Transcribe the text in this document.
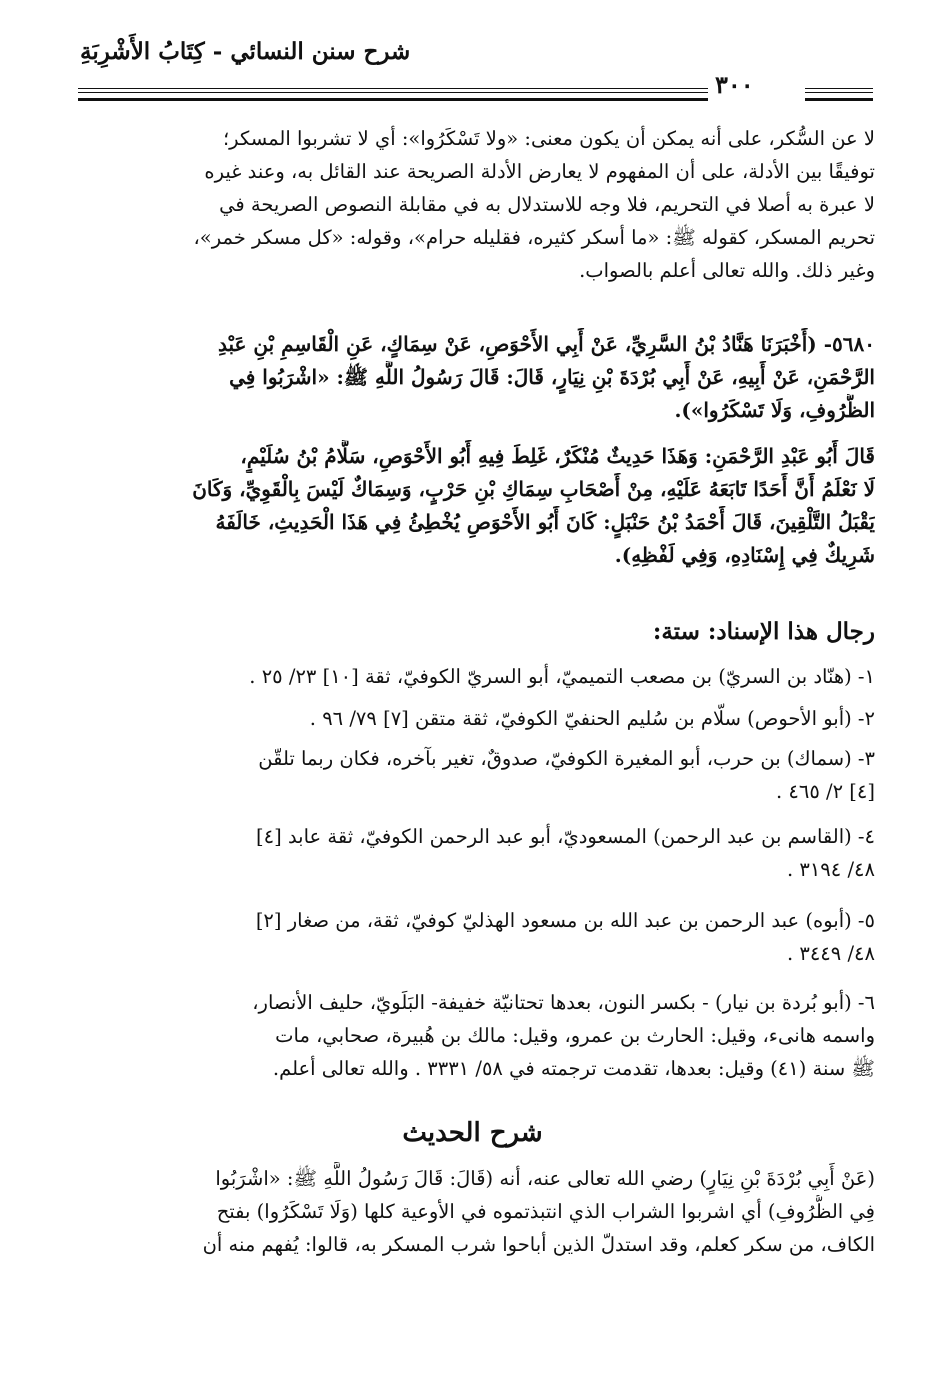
شرح سنن النسائي - كِتَابُ الأَشْرِبَةِ
٣٠٠
لا عن السُّكر، على أنه يمكن أن يكون معنى: «ولا تَسْكَرُوا»: أي لا تشربوا المسكر؛
توفيقًا بين الأدلة، على أن المفهوم لا يعارض الأدلة الصريحة عند القائل به، وعند غيره
لا عبرة به أصلا في التحريم، فلا وجه للاستدلال به في مقابلة النصوص الصريحة في
تحريم المسكر، كقوله ﷺ: «ما أسكر كثيره، فقليله حرام»، وقوله: «كل مسكر خمر»،
وغير ذلك. والله تعالى أعلم بالصواب.
٥٦٨٠- (أَخْبَرَنَا هَنَّادُ بْنُ السَّرِيِّ، عَنْ أَبِي الأَحْوَصِ، عَنْ سِمَاكٍ، عَنِ الْقَاسِمِ بْنِ عَبْدِ
الرَّحْمَنِ، عَنْ أَبِيهِ، عَنْ أَبِي بُرْدَةَ بْنِ نِيَارٍ، قَالَ: قَالَ رَسُولُ اللَّهِ ﷺ: «اشْرَبُوا فِي
الظُّرُوفِ، وَلَا تَسْكَرُوا»).
قَالَ أَبُو عَبْدِ الرَّحْمَنِ: وَهَذَا حَدِيثٌ مُنْكَرٌ، غَلِطَ فِيهِ أَبُو الأَحْوَصِ، سَلَّامُ بْنُ سُلَيْمٍ،
لَا نَعْلَمُ أَنَّ أَحَدًا تَابَعَهُ عَلَيْهِ، مِنْ أَصْحَابِ سِمَاكِ بْنِ حَرْبٍ، وَسِمَاكٌ لَيْسَ بِالْقَوِيِّ، وَكَانَ
يَقْبَلُ التَّلْقِينَ، قَالَ أَحْمَدُ بْنُ حَنْبَلٍ: كَانَ أَبُو الأَحْوَصِ يُخْطِئُ فِي هَذَا الْحَدِيثِ، خَالَفَهُ
شَرِيكٌ فِي إِسْنَادِهِ، وَفِي لَفْظِهِ).
رجال هذا الإسناد: ستة:
١- (هنّاد بن السريّ) بن مصعب التميميّ، أبو السريّ الكوفيّ، ثقة [١٠] ٢٣/ ٢٥ .
٢- (أبو الأحوص) سلّام بن سُليم الحنفيّ الكوفيّ، ثقة متقن [٧] ٧٩/ ٩٦ .
٣- (سماك) بن حرب، أبو المغيرة الكوفيّ، صدوقٌ، تغير بآخره، فكان ربما تلقّن
[٤] ٢/ ٤٦٥ .
٤- (القاسم بن عبد الرحمن) المسعوديّ، أبو عبد الرحمن الكوفيّ، ثقة عابد [٤]
٤٨/ ٣١٩٤ .
٥- (أبوه) عبد الرحمن بن عبد الله بن مسعود الهذليّ كوفيّ، ثقة، من صغار [٢]
٤٨/ ٣٤٤٩ .
٦- (أبو بُردة بن نيار) - بكسر النون، بعدها تحتانيّة خفيفة- البَلَويّ، حليف الأنصار،
واسمه هانىء، وقيل: الحارث بن عمرو، وقيل: مالك بن هُبيرة، صحابي، مات
ﷺ سنة (٤١) وقيل: بعدها، تقدمت ترجمته في ٥٨/ ٣٣٣١ . والله تعالى أعلم.
شرح الحديث
(عَنْ أَبِي بُرْدَةَ بْنِ نِيَارٍ) رضي الله تعالى عنه، أنه (قَالَ: قَالَ رَسُولُ اللَّهِ ﷺ: «اشْرَبُوا
فِي الظُّرُوفِ) أي اشربوا الشراب الذي انتبذتموه في الأوعية كلها (وَلَا تَسْكَرُوا) بفتح
الكاف، من سكر كعلم، وقد استدلّ الذين أباحوا شرب المسكر به، قالوا: يُفهم منه أن
